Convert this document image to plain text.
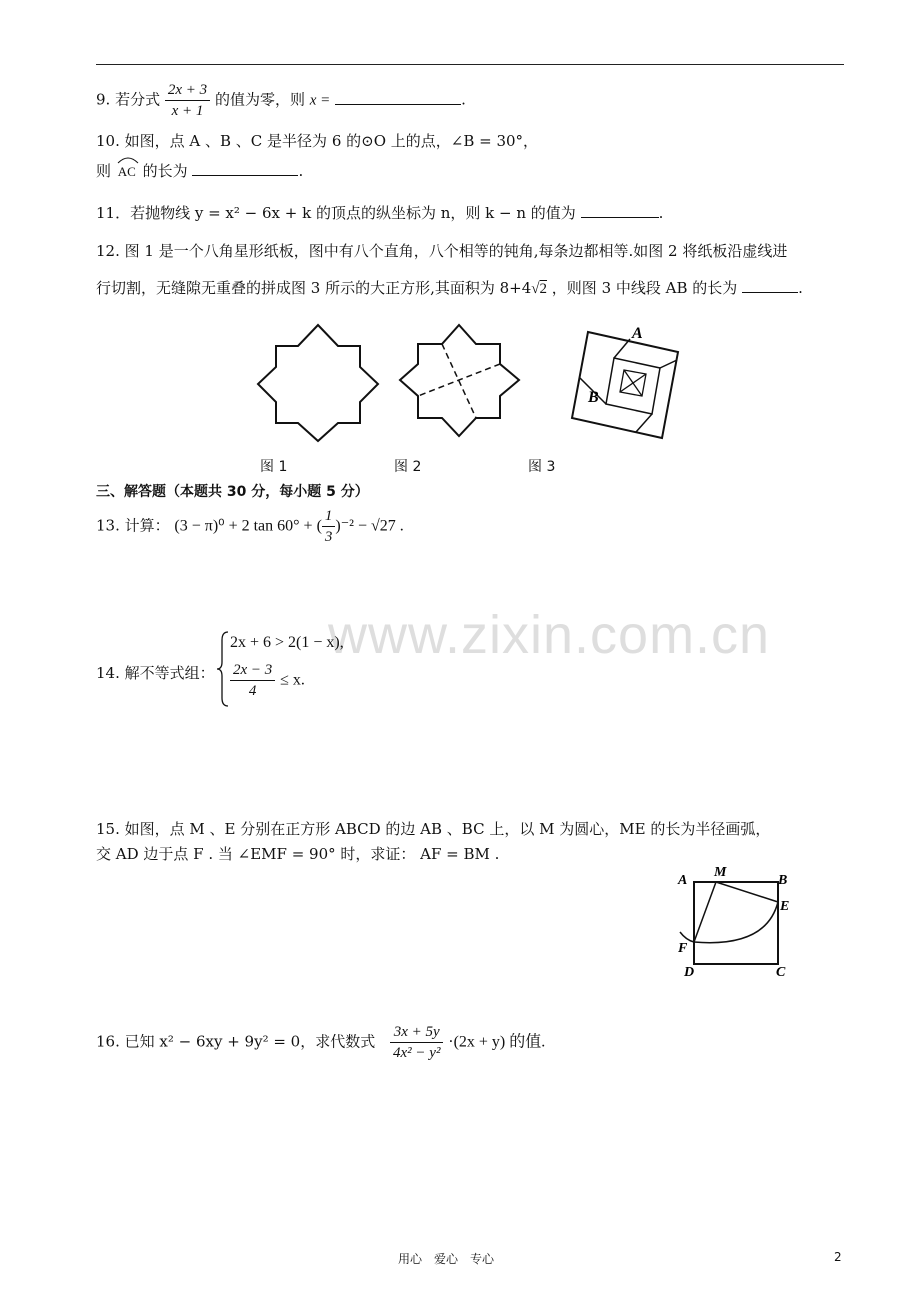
www.zixin.com.cn
9. 若分式 $\frac{2x + 3}{x + 1}$ 的值为零，则 x =	.
10. 如图，点 A 、B 、C 是半径为 6 的⊙O 上的点，∠B = 30°，
则 AC 的长为	.
11．若抛物线 y = x² − 6x + k 的顶点的纵坐标为 n，则 k − n 的值为	.
12. 图 1 是一个八角星形纸板，图中有八个直角，八个相等的钝角,每条边都相等.如图 2 将纸板沿虚线进
行切割，无缝隙无重叠的拼成图 3 所示的大正方形,其面积为 8+4√2 ，则图 3 中线段 AB 的长为	.
A
B
图 1	图 2	图 3
三、解答题（本题共 30 分，每小题 5 分）
13. 计算： (3 − π)⁰ + 2 tan 60° + ( $\frac{1}{3} )^{-2} - √27$ .
14. 解不等式组：
2x + 6 > 2(1 − x),
$\frac{2x - 3}{4} \le x$.
15. 如图，点 M 、E 分别在正方形 ABCD 的边 AB 、BC 上，以 M 为圆心，ME 的长为半径画弧，
交 AD 边于点 F . 当 ∠EMF = 90° 时，求证： AF = BM .
A
M
B
E
F
D	C
16. 已知 x² − 6xy + 9y² = 0，求代数式 $\frac{3x + 5y}{\text{4x² − y²}} \cdot(2x + y)$ 的值.
用心　爱心　专心	2
